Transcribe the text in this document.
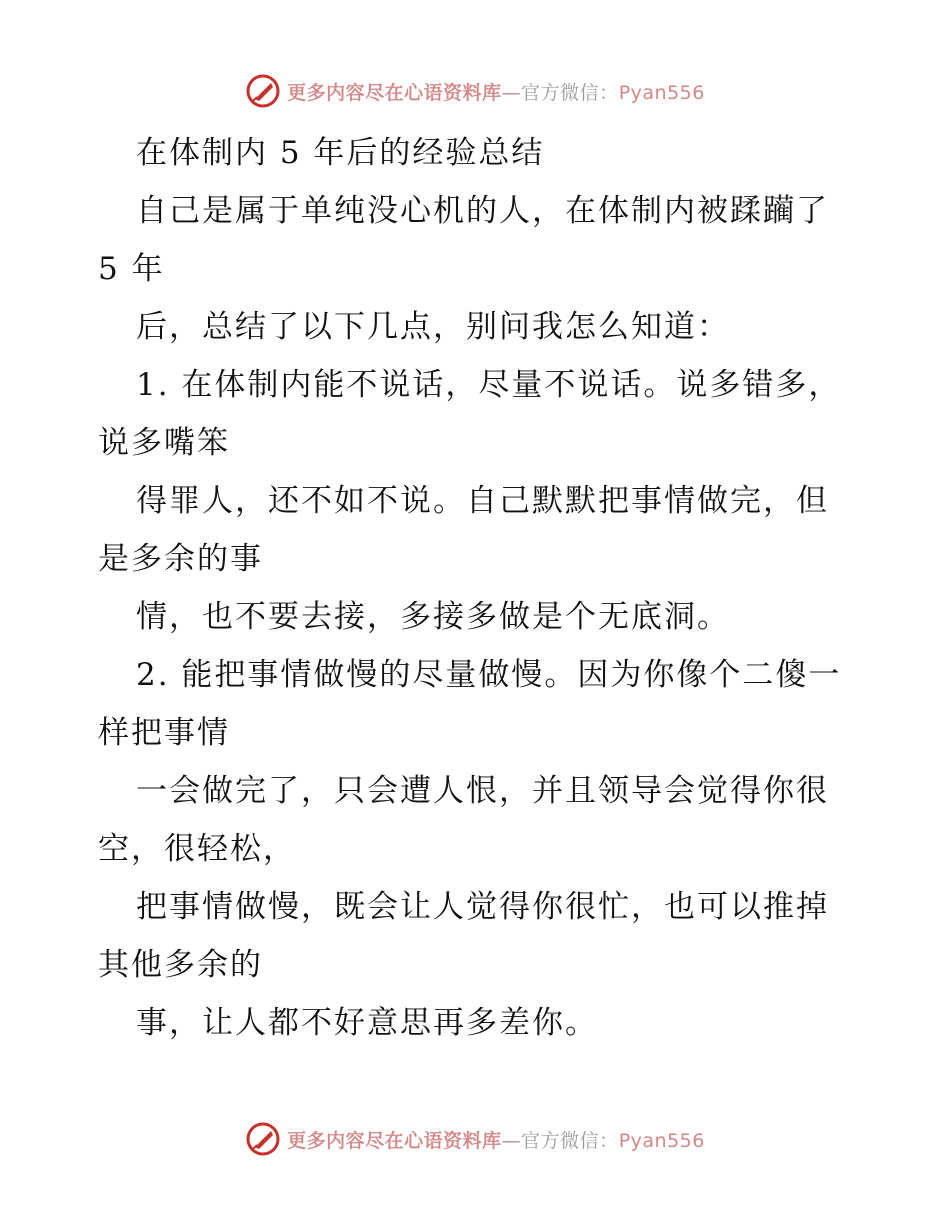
更多内容尽在心语资料库—官方微信：Pyan556
在体制内 5 年后的经验总结
自己是属于单纯没心机的人，在体制内被蹂躏了
5 年
后，总结了以下几点，别问我怎么知道：
1. 在体制内能不说话，尽量不说话。说多错多，
说多嘴笨
得罪人，还不如不说。自己默默把事情做完，但
是多余的事
情，也不要去接，多接多做是个无底洞。
2. 能把事情做慢的尽量做慢。因为你像个二傻一
样把事情
一会做完了，只会遭人恨，并且领导会觉得你很
空，很轻松，
把事情做慢，既会让人觉得你很忙，也可以推掉
其他多余的
事，让人都不好意思再多差你。
更多内容尽在心语资料库—官方微信：Pyan556
